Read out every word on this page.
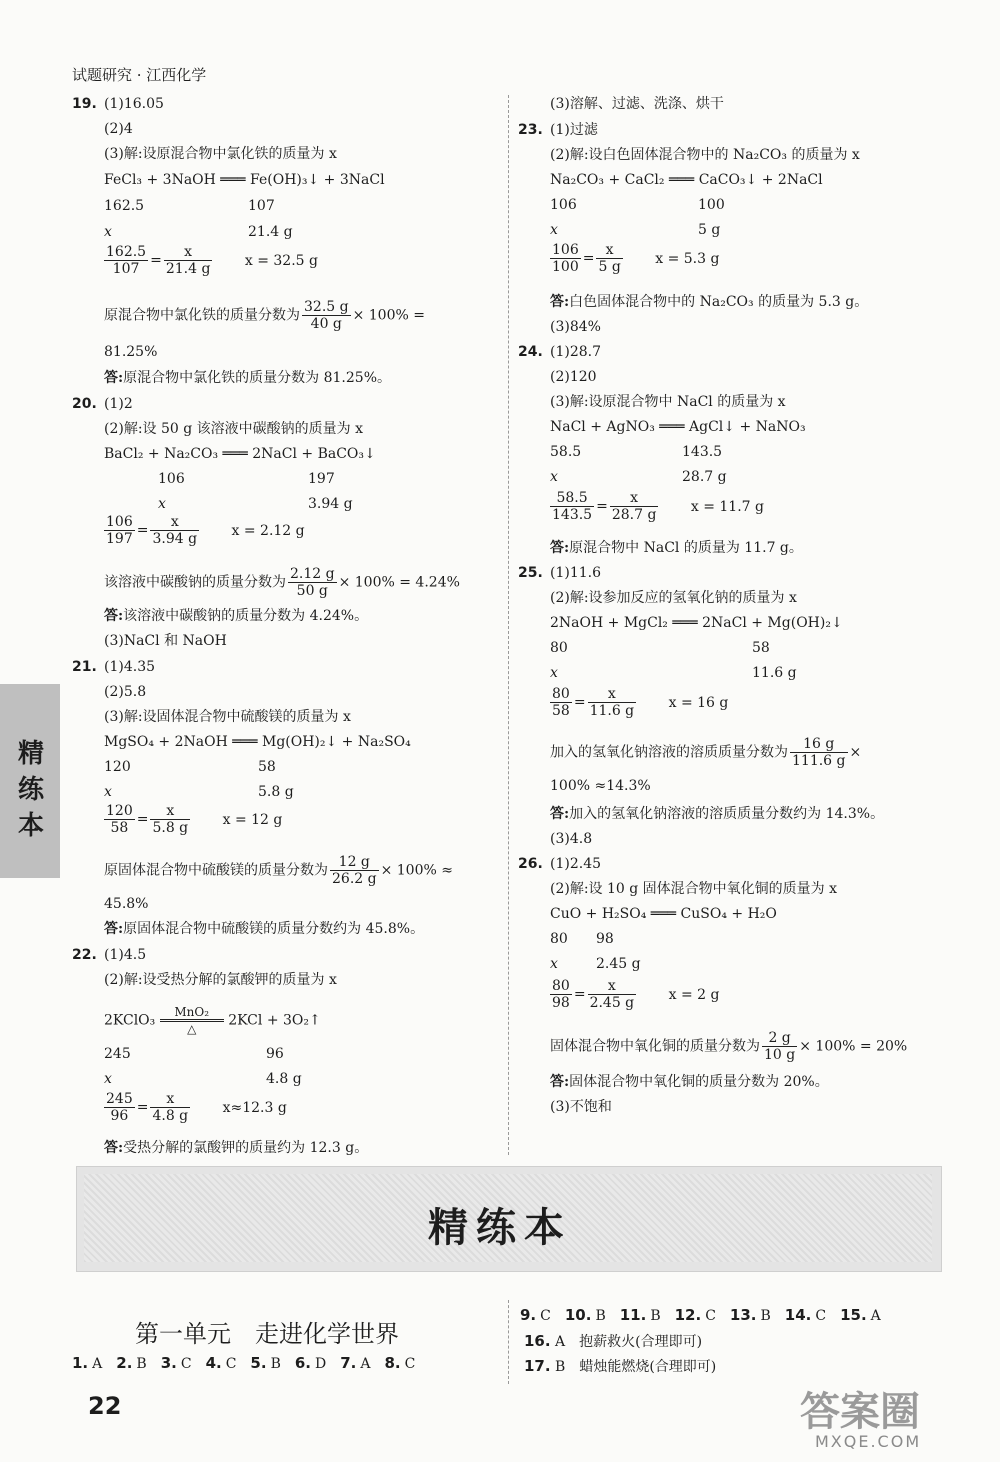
试题研究 · 江西化学
19. (1)16.05
(2)4
(3)解:设原混合物中氯化铁的质量为 x
FeCl₃ + 3NaOH ═══ Fe(OH)₃↓ + 3NaCl
162.5	107
x	21.4 g
$\frac{162.5}{107} = \frac{x}{21.4 g}$ x = 32.5 g
原混合物中氯化铁的质量分数为 $\frac{32.5 g}{40 g} \times 100\%$ =
81.25%
答:原混合物中氯化铁的质量分数为 81.25%。
20. (1)2
(2)解:设 50 g 该溶液中碳酸钠的质量为 x
BaCl₂ + Na₂CO₃ ═══ 2NaCl + BaCO₃↓
106	197
x	3.94 g
$\frac{106}{197} = \frac{x}{3.94 g}$ x = 2.12 g
该溶液中碳酸钠的质量分数为 $\frac{2.12 g}{50 g} \times 100\% = 4.24\%$
答:该溶液中碳酸钠的质量分数为 4.24%。
(3)NaCl 和 NaOH
21. (1)4.35
(2)5.8
(3)解:设固体混合物中硫酸镁的质量为 x
MgSO₄ + 2NaOH ═══ Mg(OH)₂↓ + Na₂SO₄
120	58
x	5.8 g
$\frac{120}{58} = \frac{x}{5.8 g}$ x = 12 g
原固体混合物中硫酸镁的质量分数为 $\frac{12 g}{26.2 g} \times 100\%$ ≈
45.8%
答:原固体混合物中硫酸镁的质量分数约为 45.8%。
22. (1)4.5
(2)解:设受热分解的氯酸钾的质量为 x
2KClO₃
MnO₂
△
2KCl + 3O₂↑
245	96
x	4.8 g
$\frac{245}{96} = \frac{x}{4.8 g} x\approx 12.3$ g
答:受热分解的氯酸钾的质量约为 12.3 g。
(3)溶解、过滤、洗涤、烘干
23. (1)过滤
(2)解:设白色固体混合物中的 Na₂CO₃ 的质量为 x
Na₂CO₃ + CaCl₂ ═══ CaCO₃↓ + 2NaCl
106	100
x	5 g
$\frac{106}{100} = \frac{x}{5 g}$ x = 5.3 g
答:白色固体混合物中的 Na₂CO₃ 的质量为 5.3 g。
(3)84%
24. (1)28.7
(2)120
(3)解:设原混合物中 NaCl 的质量为 x
NaCl + AgNO₃ ═══ AgCl↓ + NaNO₃
58.5	143.5
x	28.7 g
$\frac{58.5}{143.5} = \frac{x}{28.7 g}$ x = 11.7 g
答:原混合物中 NaCl 的质量为 11.7 g。
25. (1)11.6
(2)解:设参加反应的氢氧化钠的质量为 x
2NaOH + MgCl₂ ═══ 2NaCl + Mg(OH)₂↓
80	58
x	11.6 g
$\frac{80}{58} = \frac{x}{11.6 g}$ x = 16 g
加入的氢氧化钠溶液的溶质质量分数为 $\frac{16 g}{111.6 g}$ ×
100% ≈14.3%
答:加入的氢氧化钠溶液的溶质质量分数约为 14.3%。
(3)4.8
26. (1)2.45
(2)解:设 10 g 固体混合物中氧化铜的质量为 x
CuO + H₂SO₄ ═══ CuSO₄ + H₂O
80 98
x	2.45 g
$\frac{80}{98} = \frac{x}{2.45 g}$ x = 2 g
固体混合物中氧化铜的质量分数为 $\frac{2 g}{10 g} \times 100\% = 20\%$
答:固体混合物中氧化铜的质量分数为 20%。
(3)不饱和
精练本
精练本
第一单元　走进化学世界
1. A 2. B 3. C 4. C 5. B 6. D 7. A 8. C
9. C 10. B 11. B 12. C 13. B 14. C 15. A
16. A　 抱薪救火(合理即可)
17. B　 蜡烛能燃烧(合理即可)
22	答案圈
MXQE.COM
